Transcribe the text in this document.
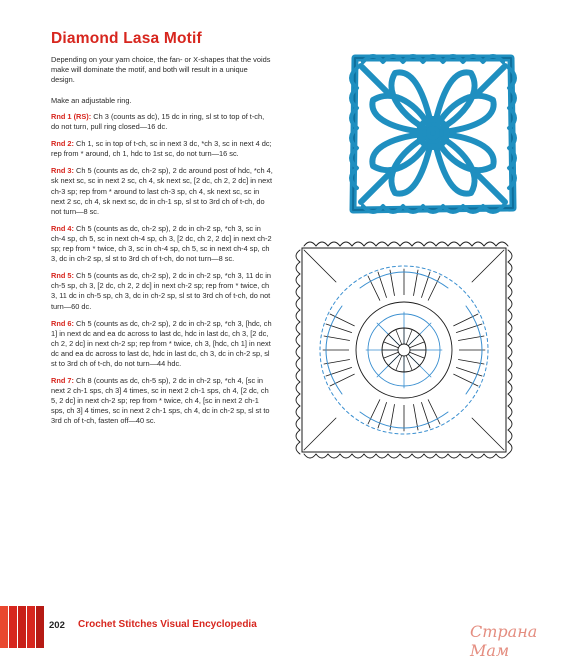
Diamond Lasa Motif
Depending on your yarn choice, the fan- or X-shapes that the voids make will dominate the motif, and both will result in a unique design.
Make an adjustable ring.

Rnd 1 (RS): Ch 3 (counts as dc), 15 dc in ring, sl st to top of t-ch, do not turn, pull ring closed—16 dc.

Rnd 2: Ch 1, sc in top of t-ch, sc in next 3 dc, *ch 3, sc in next 4 dc; rep from * around, ch 1, hdc to 1st sc, do not turn—16 sc.

Rnd 3: Ch 5 (counts as dc, ch-2 sp), 2 dc around post of hdc, *ch 4, sk next sc, sc in next 2 sc, ch 4, sk next sc, [2 dc, ch 2, 2 dc] in next ch-3 sp; rep from * around to last ch-3 sp, ch 4, sk next sc, sc in next 2 sc, ch 4, sk next sc, dc in ch-1 sp, sl st to 3rd ch of t-ch, do not turn—8 sc.

Rnd 4: Ch 5 (counts as dc, ch-2 sp), 2 dc in ch-2 sp, *ch 3, sc in ch-4 sp, ch 5, sc in next ch-4 sp, ch 3, [2 dc, ch 2, 2 dc] in next ch-2 sp; rep from * twice, ch 3, sc in ch-4 sp, ch 5, sc in next ch-4 sp, ch 3, dc in ch-2 sp, sl st to 3rd ch of t-ch, do not turn—8 sc.

Rnd 5: Ch 5 (counts as dc, ch-2 sp), 2 dc in ch-2 sp, *ch 3, 11 dc in ch-5 sp, ch 3, [2 dc, ch 2, 2 dc] in next ch-2 sp; rep from * twice, ch 3, 11 dc in ch-5 sp, ch 3, dc in ch-2 sp, sl st to 3rd ch of t-ch, do not turn—60 dc.

Rnd 6: Ch 5 (counts as dc, ch-2 sp), 2 dc in ch-2 sp, *ch 3, [hdc, ch 1] in next dc and ea dc across to last dc, hdc in last dc, ch 3, [2 dc, ch 2, 2 dc] in next ch-2 sp; rep from * twice, ch 3, [hdc, ch 1] in next dc and ea dc across to last dc, hdc in last dc, ch 3, dc in ch-2 sp, sl st to 3rd ch of t-ch, do not turn—44 hdc.

Rnd 7: Ch 8 (counts as dc, ch-5 sp), 2 dc in ch-2 sp, *ch 4, [sc in next 2 ch-1 sps, ch 3] 4 times, sc in next 2 ch-1 sps, ch 4, [2 dc, ch 5, 2 dc] in next ch-2 sp; rep from * twice, ch 4, [sc in next 2 ch-1 sps, ch 3] 4 times, sc in next 2 ch-1 sps, ch 4, dc in ch-2 sp, sl st to 3rd ch of t-ch, fasten off—40 sc.

202 Crochet Stitches Visual Encyclopedia	Страна Мам
